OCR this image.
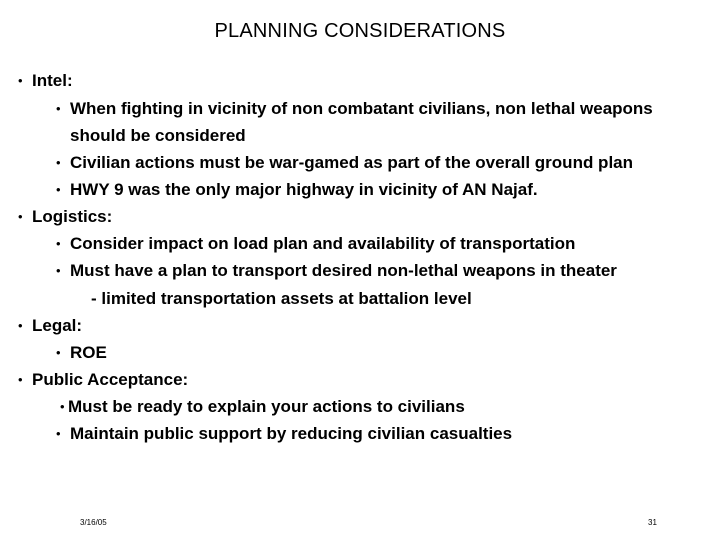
PLANNING CONSIDERATIONS
• Intel:
• When fighting in vicinity of non combatant civilians, non lethal weapons
should be considered
• Civilian actions must be war-gamed as part of the overall ground plan
• HWY 9 was the only major highway in vicinity of AN Najaf.
• Logistics:
• Consider impact on load plan and availability of transportation
• Must have a plan to transport desired non-lethal weapons in theater
- limited transportation assets at battalion level
• Legal:
• ROE
• Public Acceptance:
• Must be ready to explain your actions to civilians
• Maintain public support by reducing civilian casualties
3/16/05	31
